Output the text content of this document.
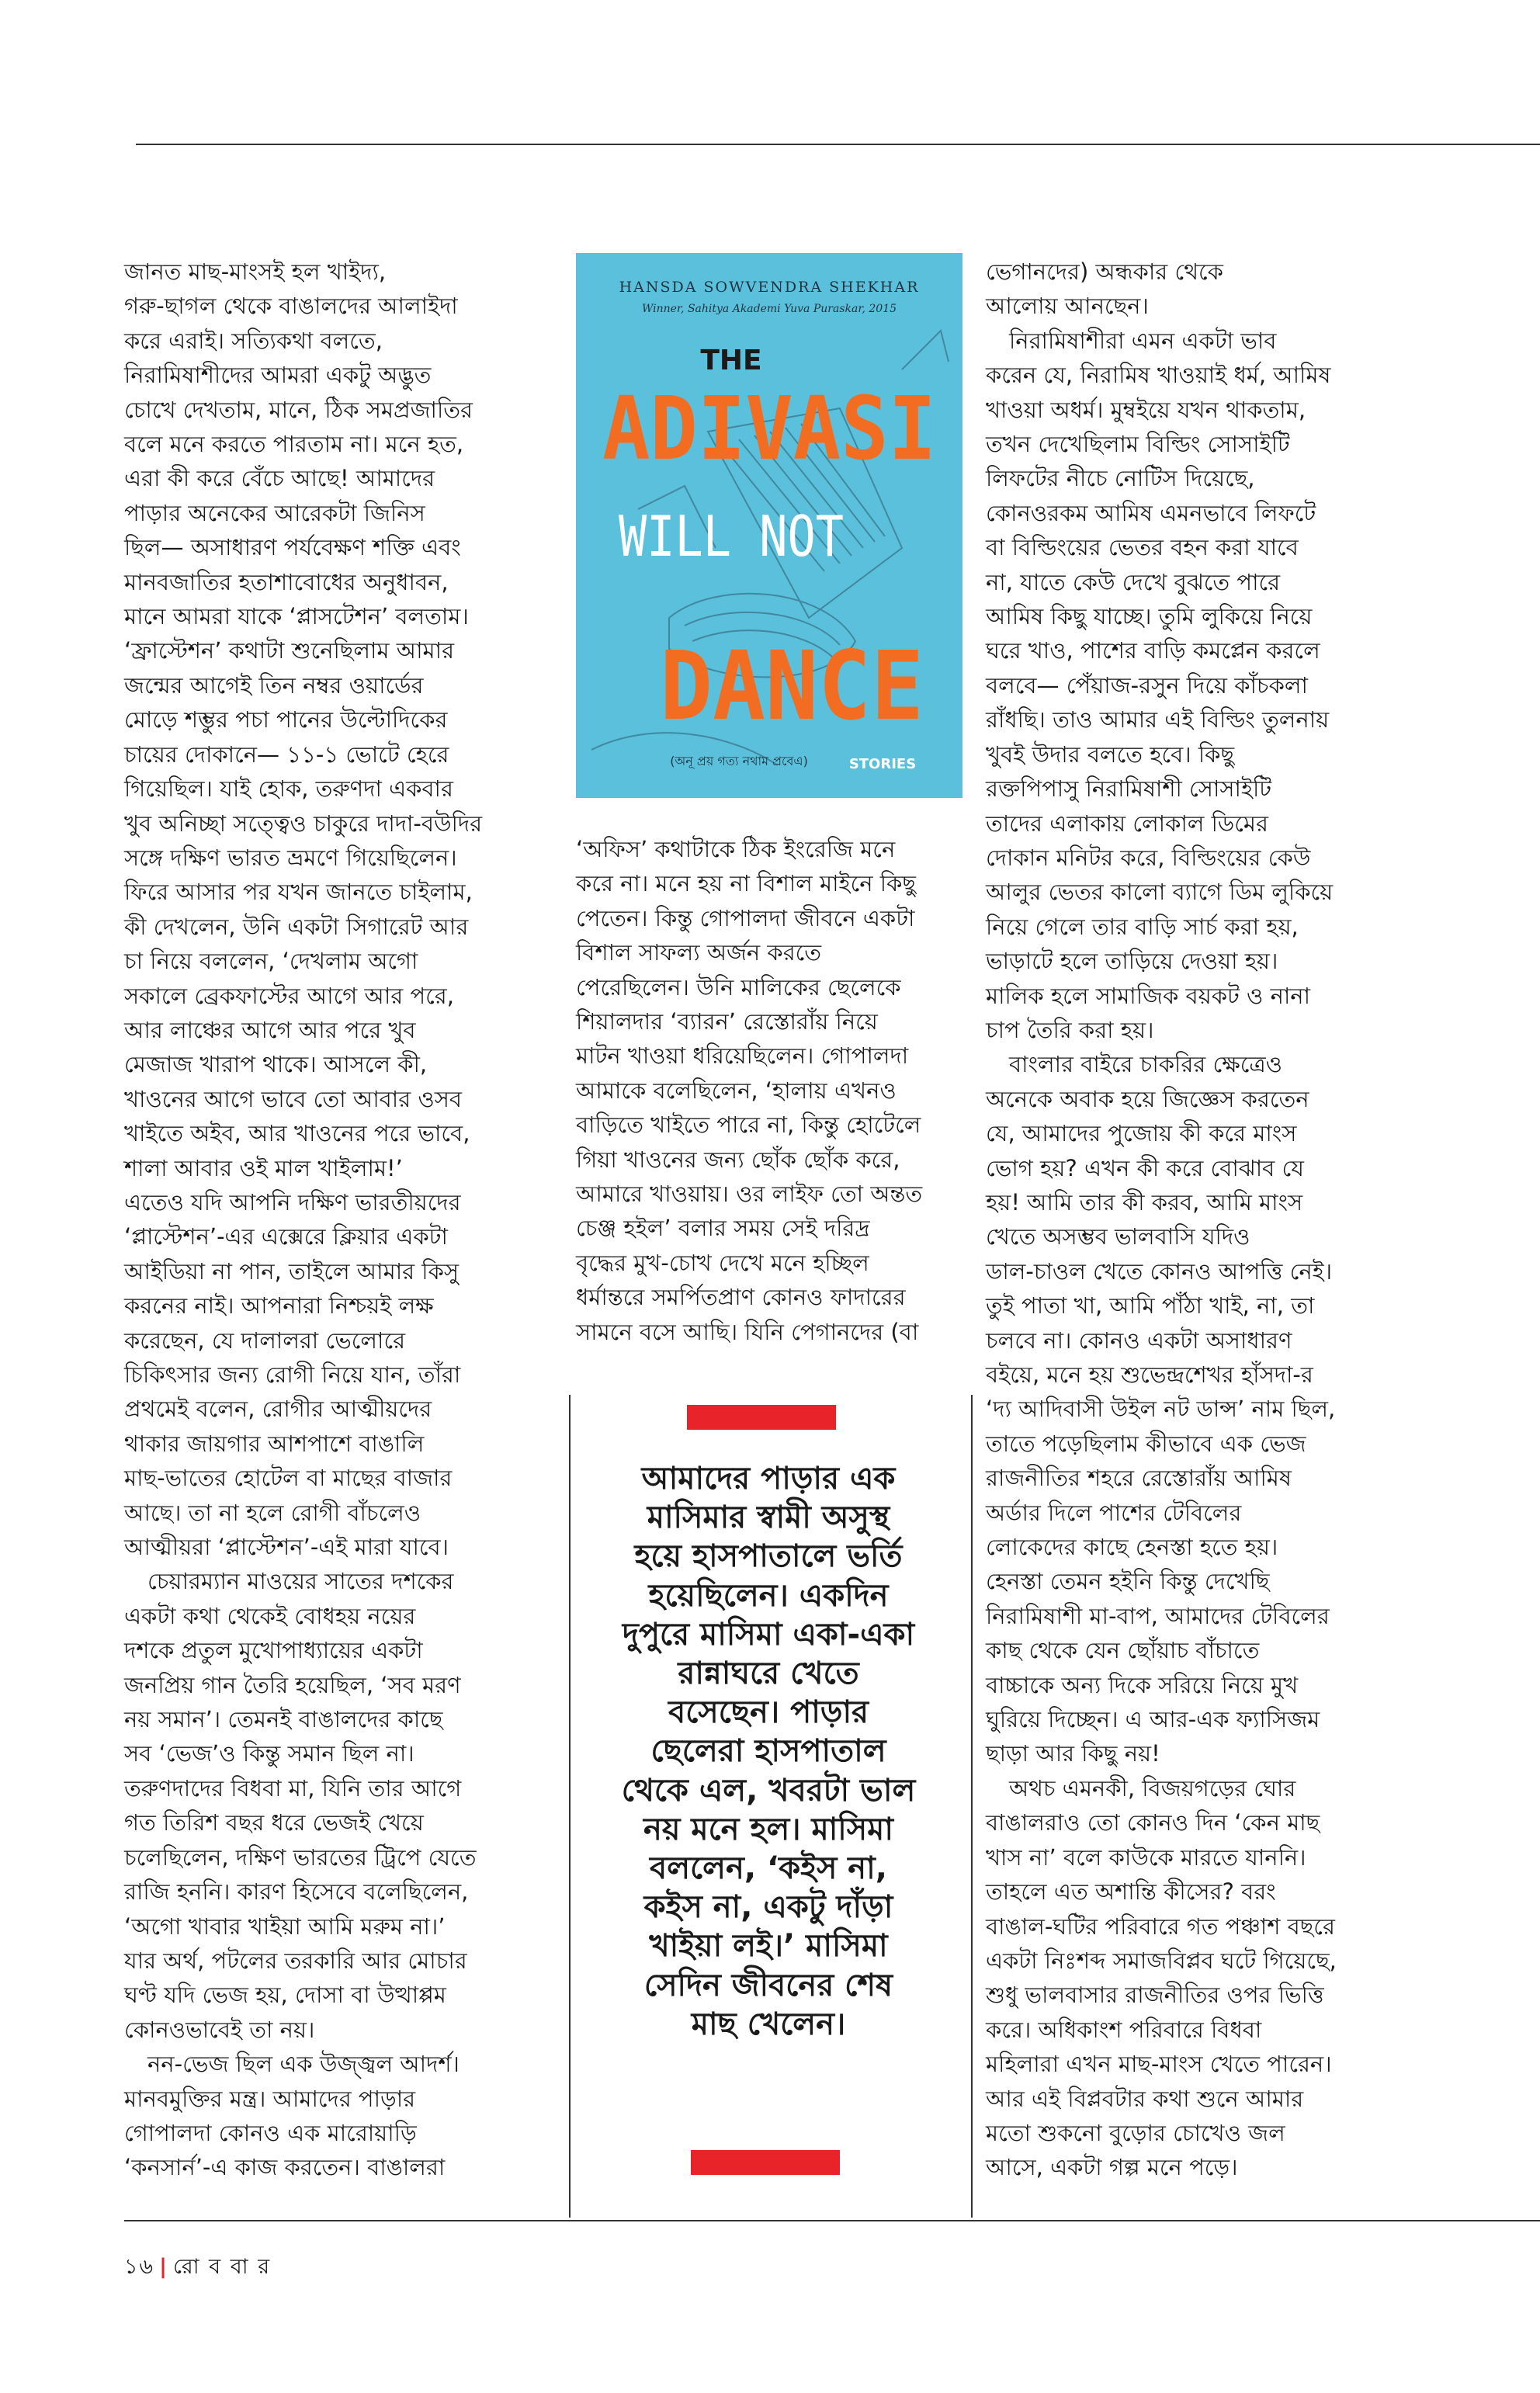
জানত মাছ-মাংসই হল খাইদ্য,

গরু-ছাগল থেকে বাঙালদের আলাইদা

করে এরাই। সত্যিকথা বলতে,

নিরামিষাশীদের আমরা একটু অদ্ভুত

চোখে দেখতাম, মানে, ঠিক সমপ্রজাতির

বলে মনে করতে পারতাম না। মনে হত,

এরা কী করে বেঁচে আছে! আমাদের

পাড়ার অনেকের আরেকটা জিনিস

ছিল— অসাধারণ পর্যবেক্ষণ শক্তি এবং

মানবজাতির হতাশাবোধের অনুধাবন,

মানে আমরা যাকে ‘প্লাসটেশন’ বলতাম।

‘ফ্রাস্টেশন’ কথাটা শুনেছিলাম আমার

জন্মের আগেই তিন নম্বর ওয়ার্ডের

মোড়ে শম্ভুর পচা পানের উল্টোদিকের

চায়ের দোকানে— ১১-১ ভোটে হেরে

গিয়েছিল। যাই হোক, তরুণদা একবার

খুব অনিচ্ছা সত্ত্বেও চাকুরে দাদা-বউদির

সঙ্গে দক্ষিণ ভারত ভ্রমণে গিয়েছিলেন।

ফিরে আসার পর যখন জানতে চাইলাম,

কী দেখলেন, উনি একটা সিগারেট আর

চা নিয়ে বললেন, ‘দেখলাম অগো

সকালে ব্রেকফাস্টের আগে আর পরে,

আর লাঞ্চের আগে আর পরে খুব

মেজাজ খারাপ থাকে। আসলে কী,

খাওনের আগে ভাবে তো আবার ওসব

খাইতে অইব, আর খাওনের পরে ভাবে,

শালা আবার ওই মাল খাইলাম!’

এতেও যদি আপনি দক্ষিণ ভারতীয়দের

‘প্লাস্টেশন’-এর এক্সেরে ক্লিয়ার একটা

আইডিয়া না পান, তাইলে আমার কিসু

করনের নাই। আপনারা নিশ্চয়ই লক্ষ

করেছেন, যে দালালরা ভেলোরে

চিকিৎসার জন্য রোগী নিয়ে যান, তাঁরা

প্রথমেই বলেন, রোগীর আত্মীয়দের

থাকার জায়গার আশপাশে বাঙালি

মাছ-ভাতের হোটেল বা মাছের বাজার

আছে। তা না হলে রোগী বাঁচলেও

আত্মীয়রা ‘প্লাস্টেশন’-এই মারা যাবে।

চেয়ারম্যান মাওয়ের সাতের দশকের

একটা কথা থেকেই বোধহয় নয়ের

দশকে প্রতুল মুখোপাধ্যায়ের একটা

জনপ্রিয় গান তৈরি হয়েছিল, ‘সব মরণ

নয় সমান’। তেমনই বাঙালদের কাছে

সব ‘ভেজ’ও কিন্তু সমান ছিল না।

তরুণদাদের বিধবা মা, যিনি তার আগে

গত তিরিশ বছর ধরে ভেজই খেয়ে

চলেছিলেন, দক্ষিণ ভারতের ট্রিপে যেতে

রাজি হননি। কারণ হিসেবে বলেছিলেন,

‘অগো খাবার খাইয়া আমি মরুম না।’

যার অর্থ, পটলের তরকারি আর মোচার

ঘণ্ট যদি ভেজ হয়, দোসা বা উত্থাপ্পম

কোনওভাবেই তা নয়।

নন-ভেজ ছিল এক উজ্জ্বল আদর্শ।

মানবমুক্তির মন্ত্র। আমাদের পাড়ার

গোপালদা কোনও এক মারোয়াড়ি

‘কনসার্ন’-এ কাজ করতেন। বাঙালরা

HANSDA SOWVENDRA SHEKHAR
Winner, Sahitya Akademi Yuva Puraskar, 2015
THE
ADIVASI
WILL NOT
DANCE
(অনূ প্রয় গত্য নথাম প্রবেএ)	STORIES

‘অফিস’ কথাটাকে ঠিক ইংরেজি মনে

করে না। মনে হয় না বিশাল মাইনে কিছু

পেতেন। কিন্তু গোপালদা জীবনে একটা

বিশাল সাফল্য অর্জন করতে

পেরেছিলেন। উনি মালিকের ছেলেকে

শিয়ালদার ‘ব্যারন’ রেস্তোরাঁয় নিয়ে

মাটন খাওয়া ধরিয়েছিলেন। গোপালদা

আমাকে বলেছিলেন, ‘হালায় এখনও

বাড়িতে খাইতে পারে না, কিন্তু হোটেলে

গিয়া খাওনের জন্য ছোঁক ছোঁক করে,

আমারে খাওয়ায়। ওর লাইফ তো অন্তত

চেঞ্জ হইল’ বলার সময় সেই দরিদ্র

বৃদ্ধের মুখ-চোখ দেখে মনে হচ্ছিল

ধর্মান্তরে সমর্পিতপ্রাণ কোনও ফাদারের

সামনে বসে আছি। যিনি পেগানদের (বা

ভেগানদের) অন্ধকার থেকে

আলোয় আনছেন।

নিরামিষাশীরা এমন একটা ভাব

করেন যে, নিরামিষ খাওয়াই ধর্ম, আমিষ

খাওয়া অধর্ম। মুম্বইয়ে যখন থাকতাম,

তখন দেখেছিলাম বিল্ডিং সোসাইটি

লিফটের নীচে নোটিস দিয়েছে,

কোনওরকম আমিষ এমনভাবে লিফটে

বা বিল্ডিংয়ের ভেতর বহন করা যাবে

না, যাতে কেউ দেখে বুঝতে পারে

আমিষ কিছু যাচ্ছে। তুমি লুকিয়ে নিয়ে

ঘরে খাও, পাশের বাড়ি কমপ্লেন করলে

বলবে— পেঁয়াজ-রসুন দিয়ে কাঁচকলা

রাঁধছি। তাও আমার এই বিল্ডিং তুলনায়

খুবই উদার বলতে হবে। কিছু

রক্তপিপাসু নিরামিষাশী সোসাইটি

তাদের এলাকায় লোকাল ডিমের

দোকান মনিটর করে, বিল্ডিংয়ের কেউ

আলুর ভেতর কালো ব্যাগে ডিম লুকিয়ে

নিয়ে গেলে তার বাড়ি সার্চ করা হয়,

ভাড়াটে হলে তাড়িয়ে দেওয়া হয়।

মালিক হলে সামাজিক বয়কট ও নানা

চাপ তৈরি করা হয়।

বাংলার বাইরে চাকরির ক্ষেত্রেও

অনেকে অবাক হয়ে জিজ্ঞেস করতেন

যে, আমাদের পুজোয় কী করে মাংস

ভোগ হয়? এখন কী করে বোঝাব যে

হয়! আমি তার কী করব, আমি মাংস

খেতে অসম্ভব ভালবাসি যদিও

ডাল-চাওল খেতে কোনও আপত্তি নেই।

তুই পাতা খা, আমি পাঁঠা খাই, না, তা

চলবে না। কোনও একটা অসাধারণ

বইয়ে, মনে হয় শুভেন্দ্রশেখর হাঁসদা-র

‘দ্য আদিবাসী উইল নট ডান্স’ নাম ছিল,

তাতে পড়েছিলাম কীভাবে এক ভেজ

রাজনীতির শহরে রেস্তোরাঁয় আমিষ

অর্ডার দিলে পাশের টেবিলের

লোকেদের কাছে হেনস্তা হতে হয়।

হেনস্তা তেমন হইনি কিন্তু দেখেছি

নিরামিষাশী মা-বাপ, আমাদের টেবিলের

কাছ থেকে যেন ছোঁয়াচ বাঁচাতে

বাচ্চাকে অন্য দিকে সরিয়ে নিয়ে মুখ

ঘুরিয়ে দিচ্ছেন। এ আর-এক ফ্যাসিজম

ছাড়া আর কিছু নয়!

অথচ এমনকী, বিজয়গড়ের ঘোর

বাঙালরাও তো কোনও দিন ‘কেন মাছ

খাস না’ বলে কাউকে মারতে যাননি।

তাহলে এত অশান্তি কীসের? বরং

বাঙাল-ঘটির পরিবারে গত পঞ্চাশ বছরে

একটা নিঃশব্দ সমাজবিপ্লব ঘটে গিয়েছে,

শুধু ভালবাসার রাজনীতির ওপর ভিত্তি

করে। অধিকাংশ পরিবারে বিধবা

মহিলারা এখন মাছ-মাংস খেতে পারেন।

আর এই বিপ্লবটার কথা শুনে আমার

মতো শুকনো বুড়োর চোখেও জল

আসে, একটা গল্প মনে পড়ে।

আমাদের পাড়ার এক

মাসিমার স্বামী অসুস্থ

হয়ে হাসপাতালে ভর্তি

হয়েছিলেন। একদিন

দুপুরে মাসিমা একা-একা

রান্নাঘরে খেতে

বসেছেন। পাড়ার

ছেলেরা হাসপাতাল

থেকে এল, খবরটা ভাল

নয় মনে হল। মাসিমা

বললেন, ‘কইস না,

কইস না, একটু দাঁড়া

খাইয়া লই।’ মাসিমা

সেদিন জীবনের শেষ

মাছ খেলেন।

১৬ | রো ব বা র
